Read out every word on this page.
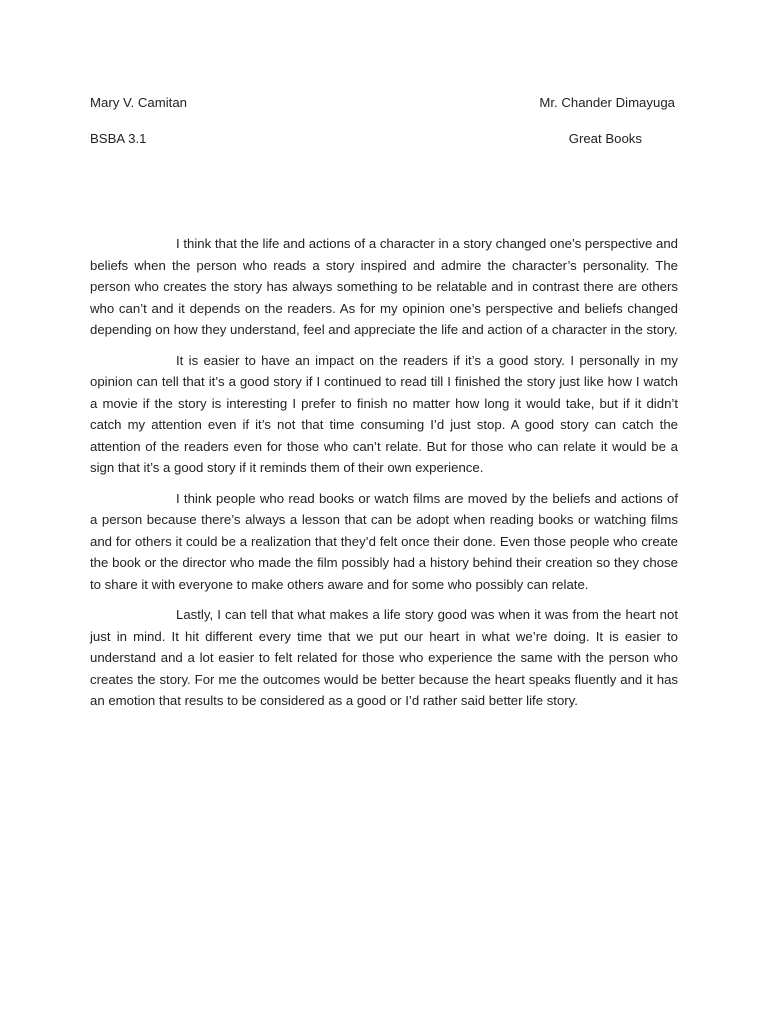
Mary V. Camitan	Mr. Chander Dimayuga
BSBA 3.1	Great Books

I think that the life and actions of a character in a story changed one’s perspective and beliefs when the person who reads a story inspired and admire the character’s personality. The person who creates the story has always something to be relatable and in contrast there are others who can’t and it depends on the readers. As for my opinion one’s perspective and beliefs changed depending on how they understand, feel and appreciate the life and action of a character in the story.

It is easier to have an impact on the readers if it’s a good story. I personally in my opinion can tell that it’s a good story if I continued to read till I finished the story just like how I watch a movie if the story is interesting I prefer to finish no matter how long it would take, but if it didn’t catch my attention even if it’s not that time consuming I’d just stop. A good story can catch the attention of the readers even for those who can’t relate. But for those who can relate it would be a sign that it’s a good story if it reminds them of their own experience.

I think people who read books or watch films are moved by the beliefs and actions of a person because there’s always a lesson that can be adopt when reading books or watching films and for others it could be a realization that they’d felt once their done. Even those people who create the book or the director who made the film possibly had a history behind their creation so they chose to share it with everyone to make others aware and for some who possibly can relate.

Lastly, I can tell that what makes a life story good was when it was from the heart not just in mind. It hit different every time that we put our heart in what we’re doing. It is easier to understand and a lot easier to felt related for those who experience the same with the person who creates the story. For me the outcomes would be better because the heart speaks fluently and it has an emotion that results to be considered as a good or I’d rather said better life story.
